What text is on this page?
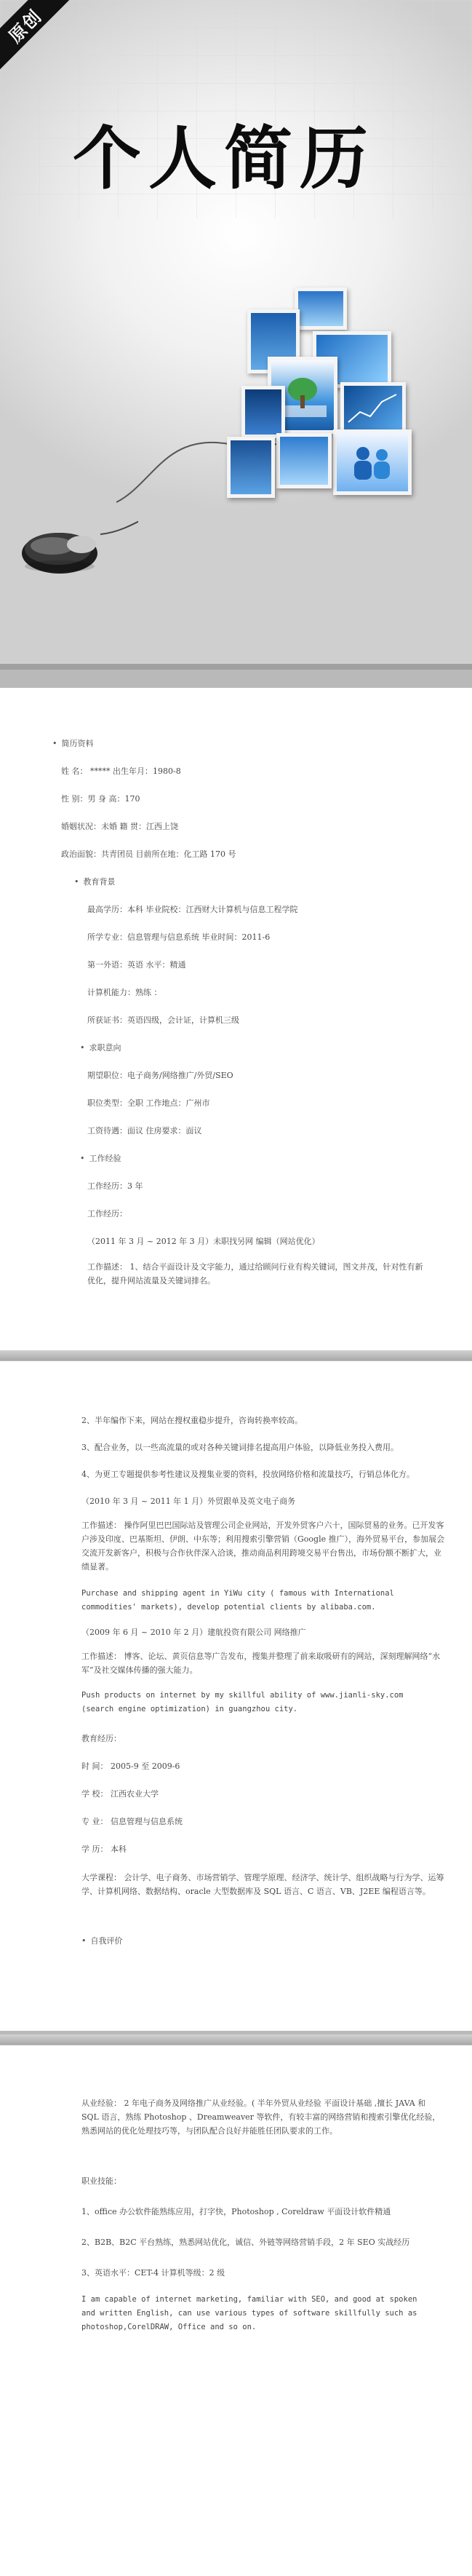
原创
个人简历
• 简历资料
姓 名： ***** 出生年月：1980-8
性 别：男 身 高：170
婚姻状况：未婚 籍 贯：江西上饶
政治面貌：共青团员 目前所在地：化工路 170 号
• 教育背景
最高学历：本科 毕业院校：江西财大计算机与信息工程学院
所学专业：信息管理与信息系统 毕业时间：2011-6
第一外语：英语 水平：精通
计算机能力：熟练 ：
所获证书：英语四级，会计证，计算机三级
• 求职意向
期望职位：电子商务/网络推广/外贸/SEO
职位类型：全职 工作地点：广州市
工资待遇：面议 住房要求：面议
• 工作经验
工作经历：3 年
工作经历：
（2011 年 3 月 ~ 2012 年 3 月）未职找另网 编辑（网站优化）
工作描述： 1、结合平面设计及文字能力，通过给顾问行业有构关键词，图文并茂，针对性有新优化，提升网站流量及关键词排名。
2、半年编作下来，网站在搜权重稳步提升，咨询转换率较高。
3、配合业务，以一些高流量的或对各种关键词排名提高用户体验，以降低业务投入费用。
4、为更工专题提供参考性建议及搜集业要的资料，投放网络价格和流量技巧，行销总体化方。
（2010 年 3 月 ~ 2011 年 1 月）外贸跟单及英文电子商务
工作描述： 操作阿里巴巴国际站及管理公司企业网站，开发外贸客户六十，国际贸易的业务。已开发客户涉及印度、巴基斯坦、伊朗、中东等；利用搜索引擎营销（Google 推广），海外贸易平台，参加展会交流开发新客户，积极与合作伙伴深入洽谈，推动商品利用跨境交易平台售出，市场份额不断扩大，业绩显著。
Purchase and shipping agent in YiWu city ( famous with International commodities' markets), develop potential clients by alibaba.com.
（2009 年 6 月 ~ 2010 年 2 月）建航投资有限公司 网络推广
工作描述： 博客、论坛、黄页信息等广告发布，搜集并整理了前来取吸研有的网站，深刻理解网络“水军”及社交媒体传播的强大能力。
Push products on internet by my skillful ability of www.jianli-sky.com (search engine optimization) in guangzhou city.
教育经历：
时 间： 2005-9 至 2009-6
学 校： 江西农业大学
专 业： 信息管理与信息系统
学 历： 本科
大学课程： 会计学、电子商务、市场营销学、管理学原理、经济学、统计学、组织战略与行为学、运筹学、计算机网络、数据结构、oracle 大型数据库及 SQL 语言、C 语言、VB、J2EE 编程语言等。
• 自我评价
从业经验： 2 年电子商务及网络推广从业经验。( 半年外贸从业经验 平面设计基础 ,擅长 JAVA 和 SQL 语言，熟练 Photoshop 、Dreamweaver 等软件，有较丰富的网络营销和搜索引擎优化经验，熟悉网站的优化处理技巧等，与团队配合良好并能胜任团队要求的工作。
职业技能：
1、office 办公软件能熟练应用，打字快，Photoshop , Coreldraw 平面设计软件精通
2、B2B、B2C 平台熟练，熟悉网站优化，诚信、外链等网络营销手段，2 年 SEO 实战经历
3、英语水平：CET-4 计算机等级：2 级
I am capable of internet marketing, familiar with SEO, and good at spoken and written English, can use various types of software skillfully such as photoshop,CorelDRAW, Office and so on.
